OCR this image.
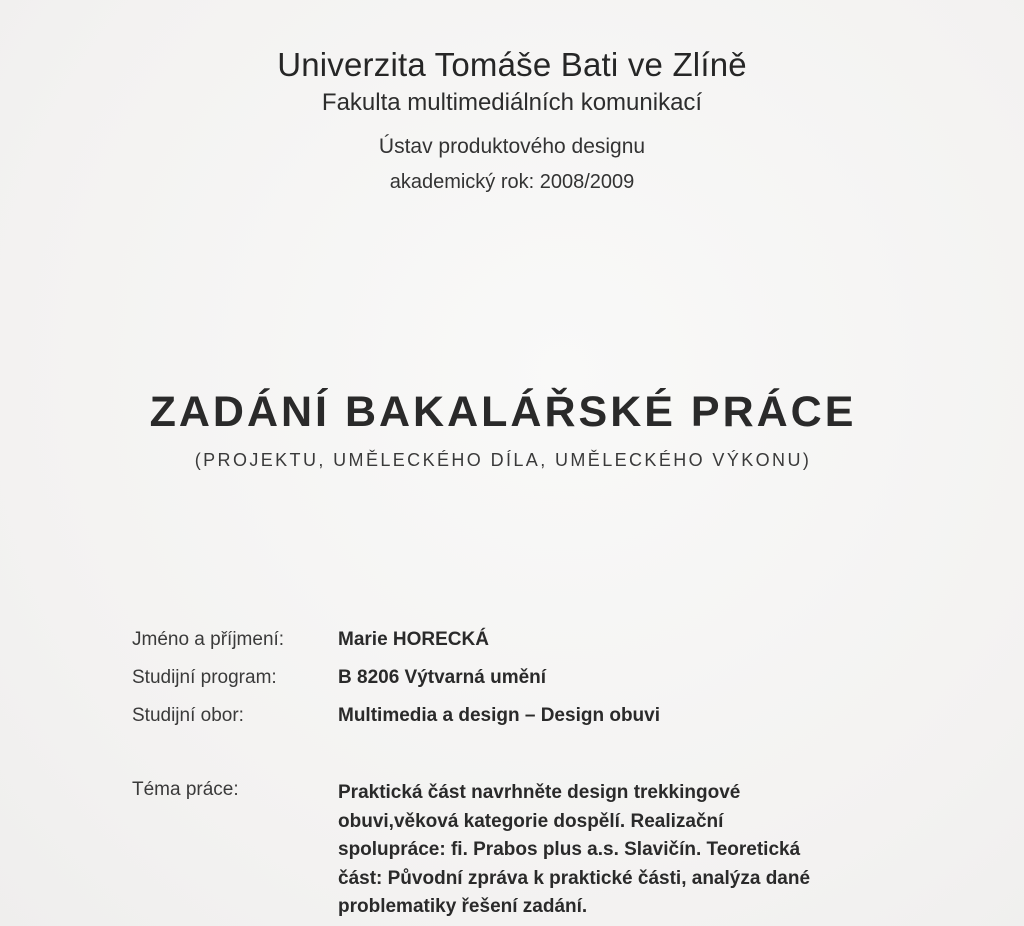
Univerzita Tomáše Bati ve Zlíně
Fakulta multimediálních komunikací
Ústav produktového designu
akademický rok: 2008/2009
ZADÁNÍ BAKALÁŘSKÉ PRÁCE
(PROJEKTU, UMĚLECKÉHO DÍLA, UMĚLECKÉHO VÝKONU)
Jméno a příjmení:	Marie HORECKÁ
Studijní program:	B 8206 Výtvarná umění
Studijní obor:	Multimedia a design – Design obuvi
Téma práce:	Praktická část navrhněte design trekkingové
obuvi,věková kategorie dospělí. Realizační
spolupráce: fi. Prabos plus a.s. Slavičín. Teoretická
část: Původní zpráva k praktické části, analýza dané
problematiky řešení zadání.
